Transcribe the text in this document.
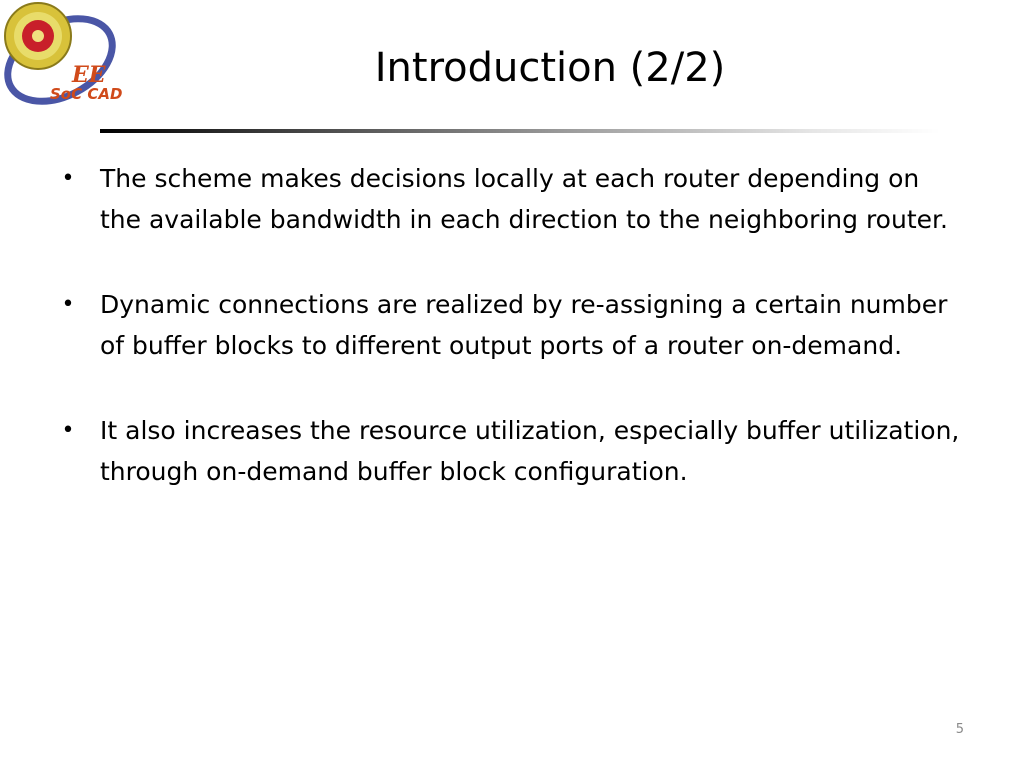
EE
SoC CAD
Introduction (2/2)
• The scheme makes decisions locally at each router depending on the available bandwidth in each direction to the neighboring router.
• Dynamic connections are realized by re-assigning a certain number of buffer blocks to different output ports of a router on-demand.
• It also increases the resource utilization, especially buffer utilization, through on-demand buffer block configuration.
5
